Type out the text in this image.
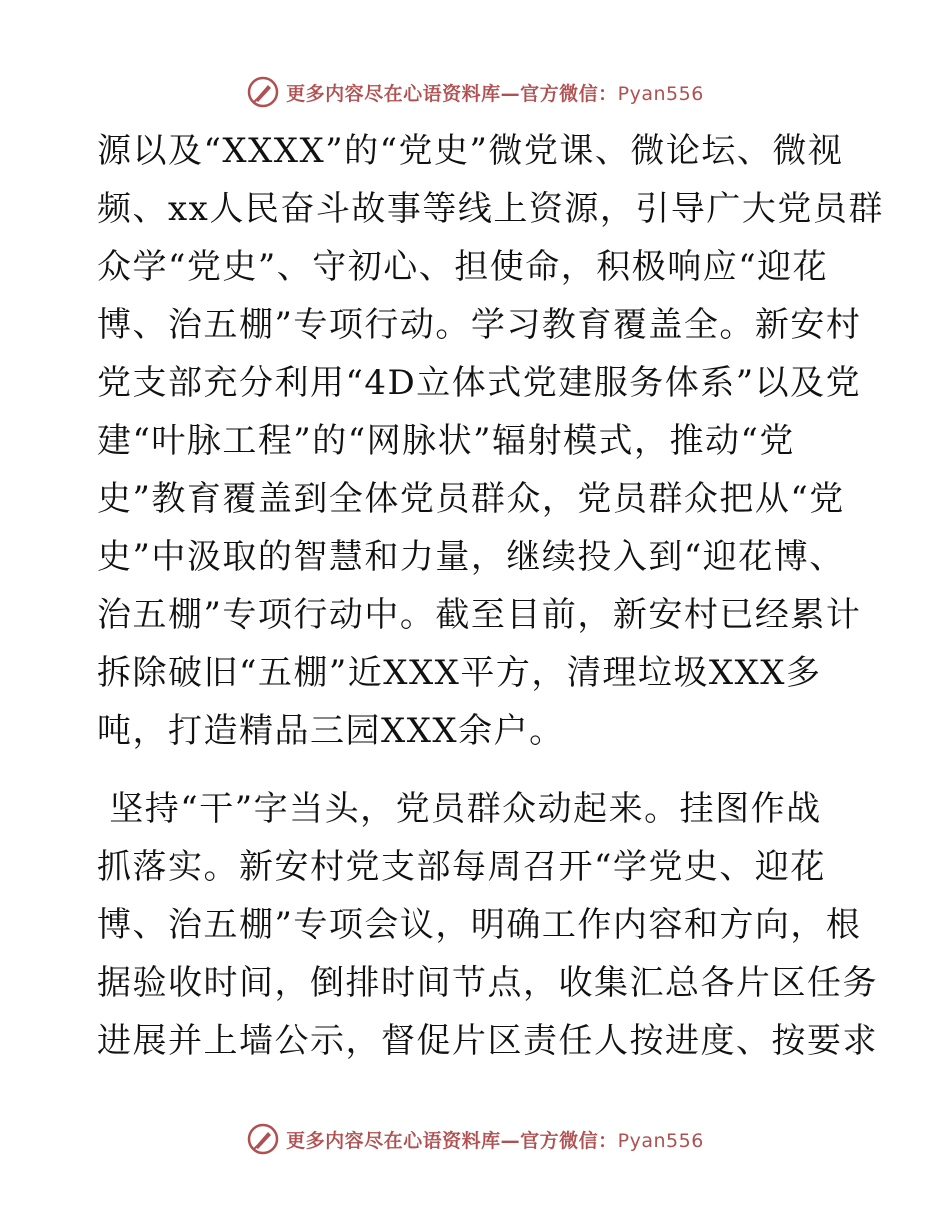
更多内容尽在心语资料库—官方微信：Pyan556
源以及“XXXX”的“党史”微党课、微论坛、微视
频、xx人民奋斗故事等线上资源，引导广大党员群
众学“党史”、守初心、担使命，积极响应“迎花
博、治五棚”专项行动。学习教育覆盖全。新安村
党支部充分利用“4D立体式党建服务体系”以及党
建“叶脉工程”的“网脉状”辐射模式，推动“党
史”教育覆盖到全体党员群众，党员群众把从“党
史”中汲取的智慧和力量，继续投入到“迎花博、
治五棚”专项行动中。截至目前，新安村已经累计
拆除破旧“五棚”近XXX平方，清理垃圾XXX多
吨，打造精品三园XXX余户。
坚持“干”字当头，党员群众动起来。挂图作战
抓落实。新安村党支部每周召开“学党史、迎花
博、治五棚”专项会议，明确工作内容和方向，根
据验收时间，倒排时间节点，收集汇总各片区任务
进展并上墙公示，督促片区责任人按进度、按要求
更多内容尽在心语资料库—官方微信：Pyan556
